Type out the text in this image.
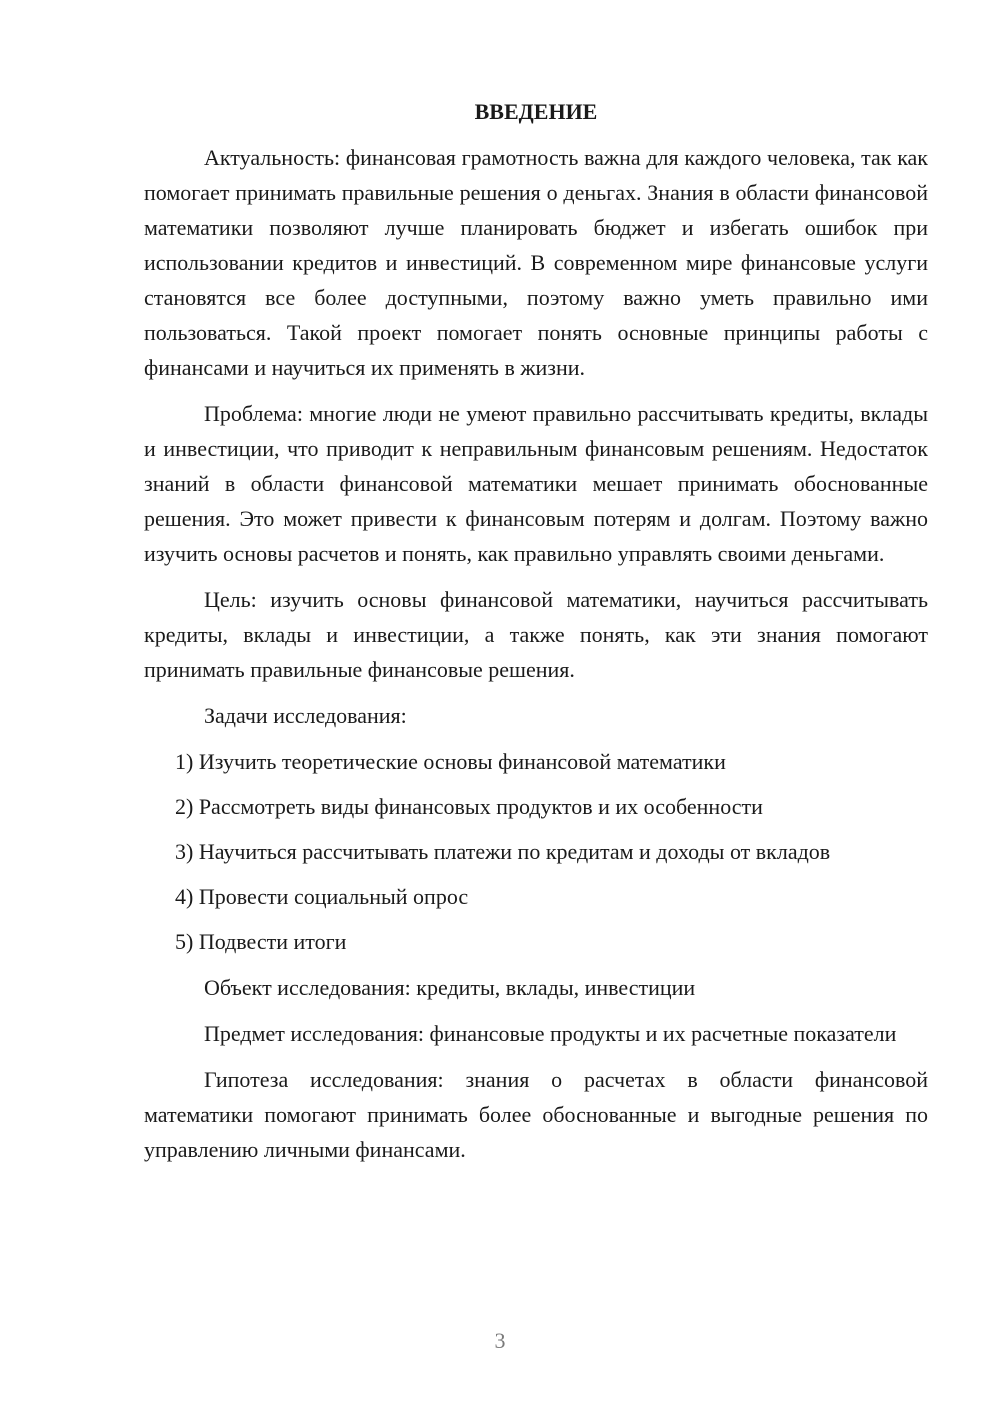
ВВЕДЕНИЕ

Актуальность: финансовая грамотность важна для каждого человека, так как помогает принимать правильные решения о деньгах. Знания в области финансовой математики позволяют лучше планировать бюджет и избегать ошибок при использовании кредитов и инвестиций. В современном мире финансовые услуги становятся все более доступными, поэтому важно уметь правильно ими пользоваться. Такой проект помогает понять основные принципы работы с финансами и научиться их применять в жизни.

Проблема: многие люди не умеют правильно рассчитывать кредиты, вклады и инвестиции, что приводит к неправильным финансовым решениям. Недостаток знаний в области финансовой математики мешает принимать обоснованные решения. Это может привести к финансовым потерям и долгам. Поэтому важно изучить основы расчетов и понять, как правильно управлять своими деньгами.

Цель: изучить основы финансовой математики, научиться рассчитывать кредиты, вклады и инвестиции, а также понять, как эти знания помогают принимать правильные финансовые решения.

Задачи исследования:

1) Изучить теоретические основы финансовой математики
2) Рассмотреть виды финансовых продуктов и их особенности
3) Научиться рассчитывать платежи по кредитам и доходы от вкладов
4) Провести социальный опрос
5) Подвести итоги

Объект исследования: кредиты, вклады, инвестиции

Предмет исследования: финансовые продукты и их расчетные показатели

Гипотеза исследования: знания о расчетах в области финансовой математики помогают принимать более обоснованные и выгодные решения по управлению личными финансами.

3
